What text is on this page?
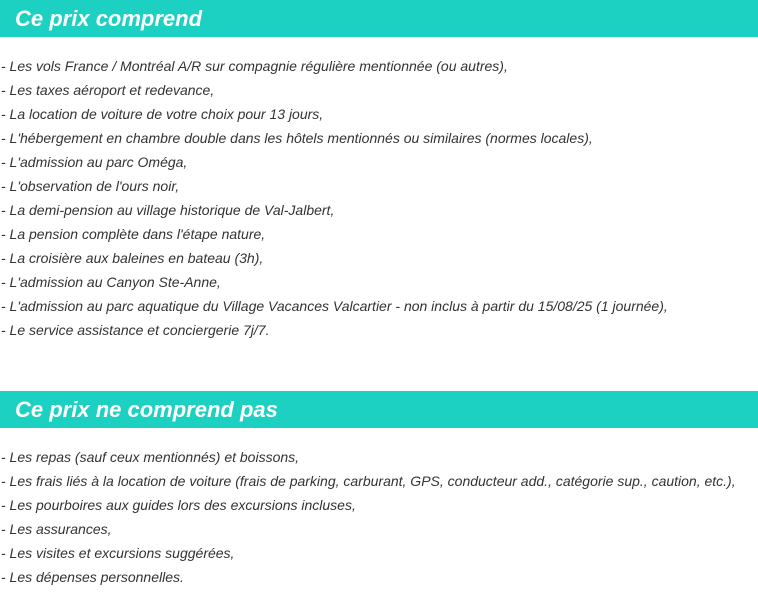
Ce prix comprend
- Les vols France / Montréal A/R sur compagnie régulière mentionnée (ou autres),
- Les taxes aéroport et redevance,
- La location de voiture de votre choix pour 13 jours,
- L'hébergement en chambre double dans les hôtels mentionnés ou similaires (normes locales),
- L'admission au parc Oméga,
- L'observation de l'ours noir,
- La demi-pension au village historique de Val-Jalbert,
- La pension complète dans l'étape nature,
- La croisière aux baleines en bateau (3h),
- L'admission au Canyon Ste-Anne,
- L'admission au parc aquatique du Village Vacances Valcartier - non inclus à partir du 15/08/25 (1 journée),
- Le service assistance et conciergerie 7j/7.
Ce prix ne comprend pas
- Les repas (sauf ceux mentionnés) et boissons,
- Les frais liés à la location de voiture (frais de parking, carburant, GPS, conducteur add., catégorie sup., caution, etc.),
- Les pourboires aux guides lors des excursions incluses,
- Les assurances,
- Les visites et excursions suggérées,
- Les dépenses personnelles.
